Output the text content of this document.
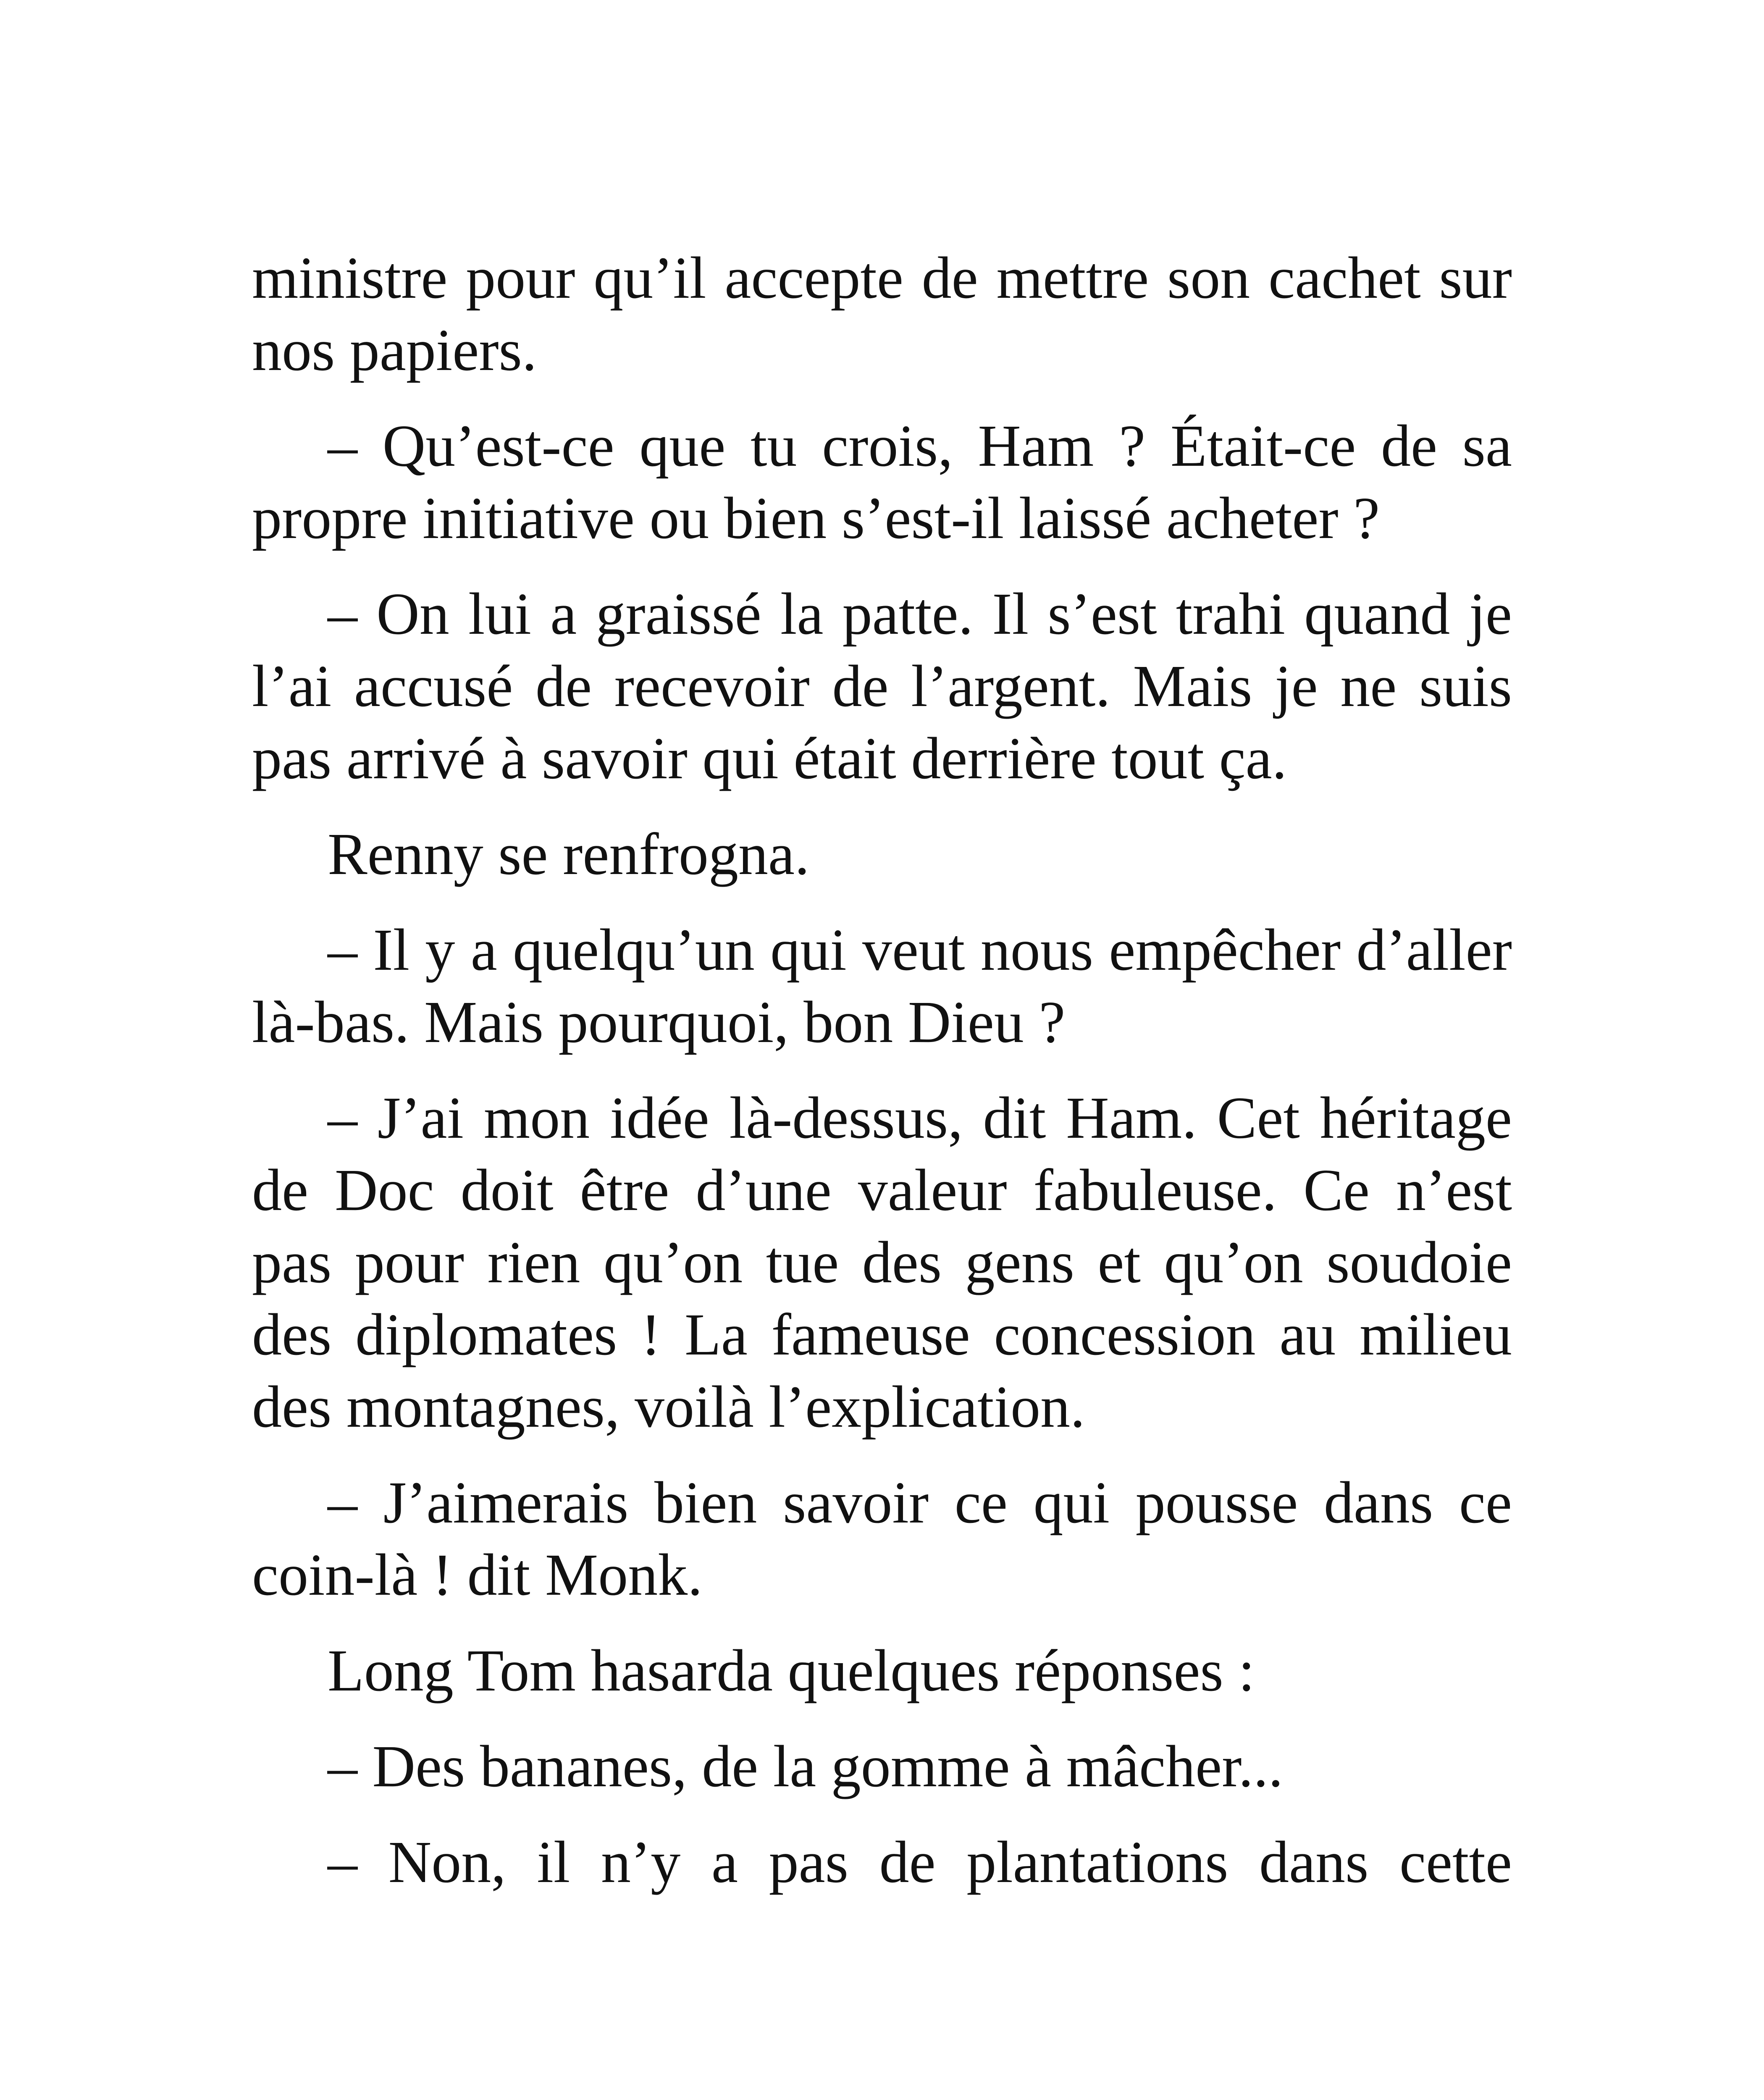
ministre pour qu’il accepte de mettre son cachet sur nos papiers.

– Qu’est-ce que tu crois, Ham ? Était-ce de sa propre initiative ou bien s’est-il laissé acheter ?

– On lui a graissé la patte. Il s’est trahi quand je l’ai accusé de recevoir de l’argent. Mais je ne suis pas arrivé à savoir qui était derrière tout ça.

Renny se renfrogna.

– Il y a quelqu’un qui veut nous empêcher d’aller là-bas. Mais pourquoi, bon Dieu ?

– J’ai mon idée là-dessus, dit Ham. Cet héritage de Doc doit être d’une valeur fabuleuse. Ce n’est pas pour rien qu’on tue des gens et qu’on soudoie des diplomates ! La fameuse concession au milieu des montagnes, voilà l’explication.

– J’aimerais bien savoir ce qui pousse dans ce coin-là ! dit Monk.

Long Tom hasarda quelques réponses :

– Des bananes, de la gomme à mâcher...

– Non, il n’y a pas de plantations dans cette
